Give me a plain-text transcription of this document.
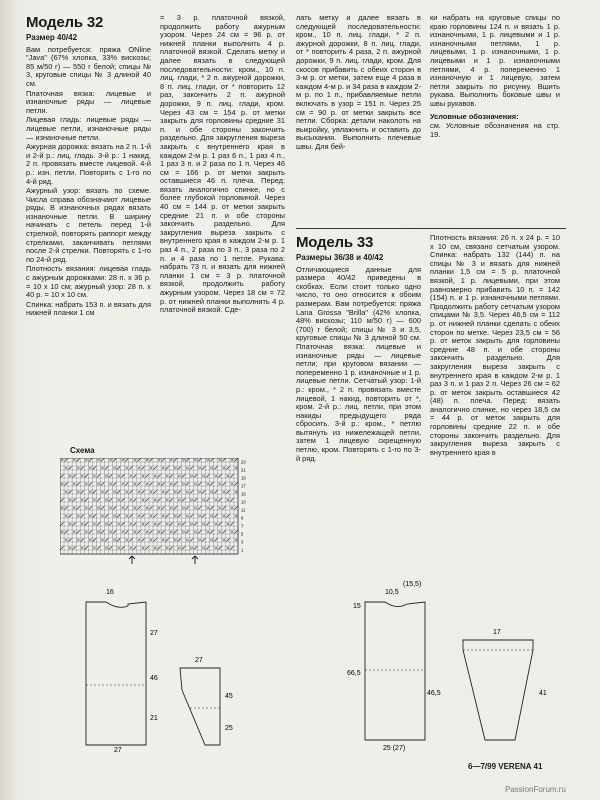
Модель 32
Размер 40/42

Вам потребуется: пряжа ONline "Java" (67% хлопка, 33% вискозы; 85 м/50 г) — 550 г белой; спицы № 3, круговые спицы № 3 длиной 40 см.

Платочная вязка: лицевые и изнаночные ряды — лицевые петли.

Лицевая гладь: лицевые ряды — лицевые петли, изнаночные ряды — изнаночные петли.

Ажурная дорожка: вязать на 2 п. 1-й и 2-й р.: лиц. гладь. 3-й р.: 1 накид, 2 п. провязать вместе лицевой. 4-й р.: изн. петли. Повторять с 1-го по 4-й ряд.

Ажурный узор: вязать по схеме. Числа справа обозначают лицевые ряды. В изнаночных рядах вязать изнаночные петли. В ширину начинать с петель перед 1-й стрелкой, повторять раппорт между стрелками, заканчивать петлями после 2-й стрелки. Повторять с 1-го по 24-й ряд.

Плотность вязания: лицевая гладь с ажурным дорожками: 28 п. х 36 р. = 10 х 10 см; ажурный узор: 28 п. х 40 р. = 10 х 10 см.

Спинка: набрать 153 п. и вязать для нижней планки 1 см

= 3 р. платочной вязкой, продолжить работу ажурным узором. Через 24 см = 96 р. от нижней планки выполнить 4 р. платочной вязкой. Сделать метку и далее вязать в следующей последовательности: кром., 10 п. лиц. глади, * 2 п. ажурной дорожки, 8 п. лиц. глади, от * повторить 12 раз, закончить 2 п. ажурной дорожки, 9 п. лиц. глади, кром. Через 43 см = 154 р. от метки закрыть для горловины средние 31 п. и обе стороны закончить раздельно. Для закругления выреза закрыть с внутреннего края в каждом 2-м р. 1 раз 6 п., 1 раз 4 п., 1 раз 3 п. и 2 раза по 1 п. Через 46 см = 166 р. от метки закрыть оставшиеся 46 п. плеча. Перед: вязать аналогично спинке, но с более глубокой горловиной. Через 40 см = 144 р. от метки закрыть средние 21 п. и обе стороны закончить раздельно. Для закругления выреза закрыть с внутреннего края в каждом 2-м р. 1 раз 4 п., 2 раза по 3 п., 3 раза по 2 п. и 4 раза по 1 петле. Рукава: набрать 73 п. и вязать для нижней планки 1 см = 3 р. платочной вязкой, продолжить работу ажурным узором. Через 18 см = 72 р. от нижней планки выполнить 4 р. платочной вязкой. Сде-

лать метку и далее вязать в следующей последовательности: кром., 10 п. лиц. глади, * 2 п. ажурной дорожки, 8 п. лиц. глади, от * повторить 4 раза, 2 п. ажурной дорожки, 9 п. лиц. глади, кром. Для скосов прибавить с обеих сторон в 3-м р. от метки, затем еще 4 раза в каждом 4-м р. и 34 раза в каждом 2-м р. по 1 п., прибавляемые петли включать в узор = 151 п. Через 25 см = 90 р. от метки закрыть все петли. Сборка: детали наколоть на выкройку, увлажнить и оставить до высыхания. Выполнить плечевые швы. Для бей-

ки набрать на круговые спицы по краю горловины 124 п. и вязать 1 р. изнаночными, 1 р. лицевыми и 1 р. изнаночными петлями, 1 р. лицевыми, 1 р. изнаночными, 1 р. лицевыми и 1 р. изнаночными петлями, 4 р. попеременно 1 изнаночную и 1 лицевую, затем петли закрыть по рисунку. Вшить рукава. Выполнить боковые швы и швы рукавов.

Условные обозначения:

см. Условные обозначения на стр. 19.

Модель 33
Размеры 36/38 и 40/42

Отличающиеся данные для размера 40/42 приведены в скобках. Если стоит только одно число, то оно относится к обоим размерам. Вам потребуется: пряжа Lana Grossa "Brilla" (42% хлопка, 48% вискозы; 110 м/50 г) — 600 (700) г белой; спицы № 3 и 3,5, круговые спицы № 3 длиной 50 см. Платочная вязка: лицевые и изнаночные ряды — лицевые петли; при круговом вязании — попеременно 1 р. изнаночные и 1 р. лицевые петли. Сетчатый узор: 1-й р.: кром., * 2 п. провязать вместе лицевой, 1 накид, повторить от *, кром. 2-й р.: лиц. петли, при этом накиды предыдущего ряда сбросить. 3-й р.: кром., * петлю вытянуть из нижележащей петли, затем 1 лицевую скрещенную петлю, кром. Повторять с 1-го по 3-й ряд.

Плотность вязания: 26 п. х 24 р. = 10 х 10 см, связано сетчатым узором. Спинка: набрать 132 (144) п. на спицы № 3 и вязать для нижней планки 1,5 см = 5 р. платочной вязкой, 1 р. лицевыми, при этом равномерно прибавить 10 п. = 142 (154) п. и 1 р. изнаночными петлями. Продолжить работу сетчатым узором спицами № 3,5. Через 46,5 см = 112 р. от нижней планки сделать с обеих сторон по метке. Через 23,5 см = 56 р. от меток закрыть для горловины средние 48 п. и обе стороны закончить раздельно. Для закругления выреза закрыть с внутреннего края в каждом 2-м р. 1 раз 3 п. и 1 раз 2 п. Через 26 см = 62 р. от меток закрыть оставшиеся 42 (48) п. плеча. Перед: вязать аналогично спинке, но через 18,5 см = 44 р. от меток закрыть для горловины средние 22 п. и обе стороны закончить раздельно. Для закругления выреза закрыть с внутреннего края в

Схема
23
21
19
17
15
13
11
9
7
5
3
1
16
27
27
46
21
27
45
25
10,5
(15,5)
15
66,5
46,5
25 (27)
17
41
6—7/99 VERENA 41
PassionForum.ru
